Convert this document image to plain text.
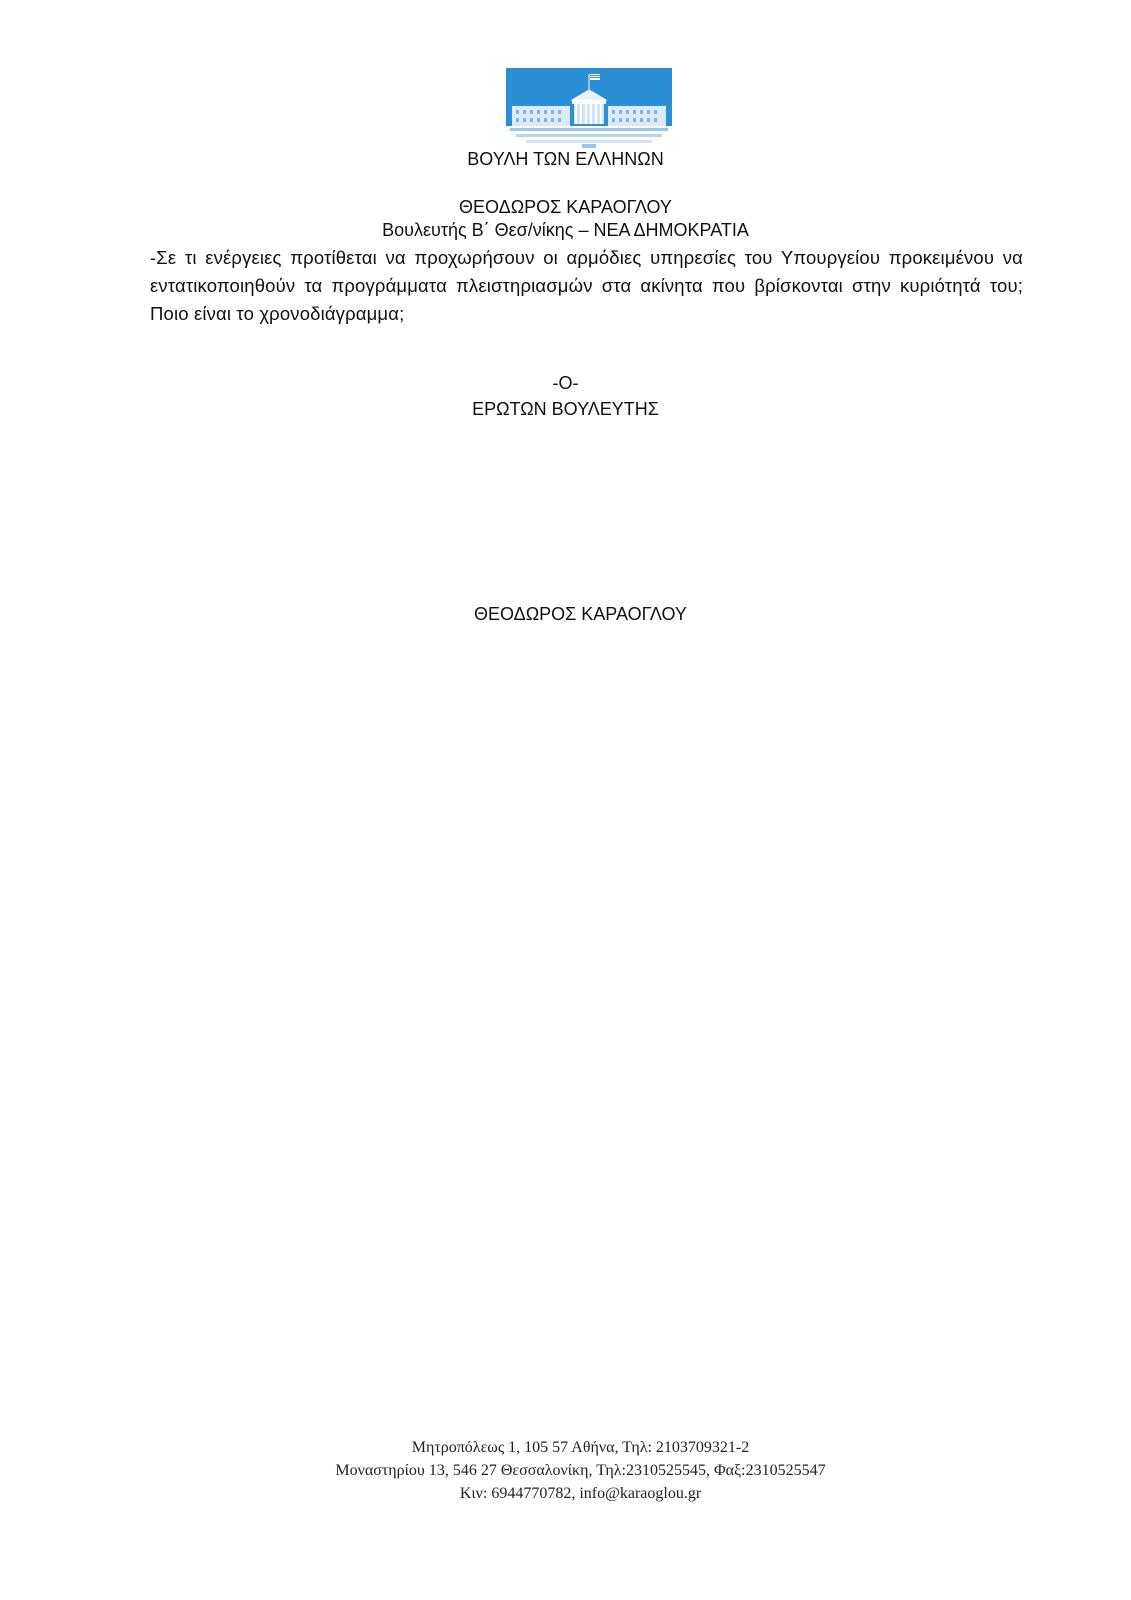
ΒΟΥΛΗ ΤΩΝ ΕΛΛΗΝΩΝ
ΘΕΟΔΩΡΟΣ ΚΑΡΑΟΓΛΟΥ
Βουλευτής Β΄ Θεσ/νίκης – ΝΕΑ ΔΗΜΟΚΡΑΤΙΑ
-Σε τι ενέργειες προτίθεται να προχωρήσουν οι αρμόδιες υπηρεσίες του Υπουργείου προκειμένου να εντατικοποιηθούν τα προγράμματα πλειστηριασμών στα ακίνητα που βρίσκονται στην κυριότητά του; Ποιο είναι το χρονοδιάγραμμα;
-Ο-
ΕΡΩΤΩΝ ΒΟΥΛΕΥΤΗΣ
ΘΕΟΔΩΡΟΣ ΚΑΡΑΟΓΛΟΥ
Μητροπόλεως 1, 105 57 Αθήνα, Τηλ: 2103709321-2
Μοναστηρίου 13, 546 27 Θεσσαλονίκη, Τηλ:2310525545, Φαξ:2310525547
Κιν: 6944770782, info@karaoglou.gr
